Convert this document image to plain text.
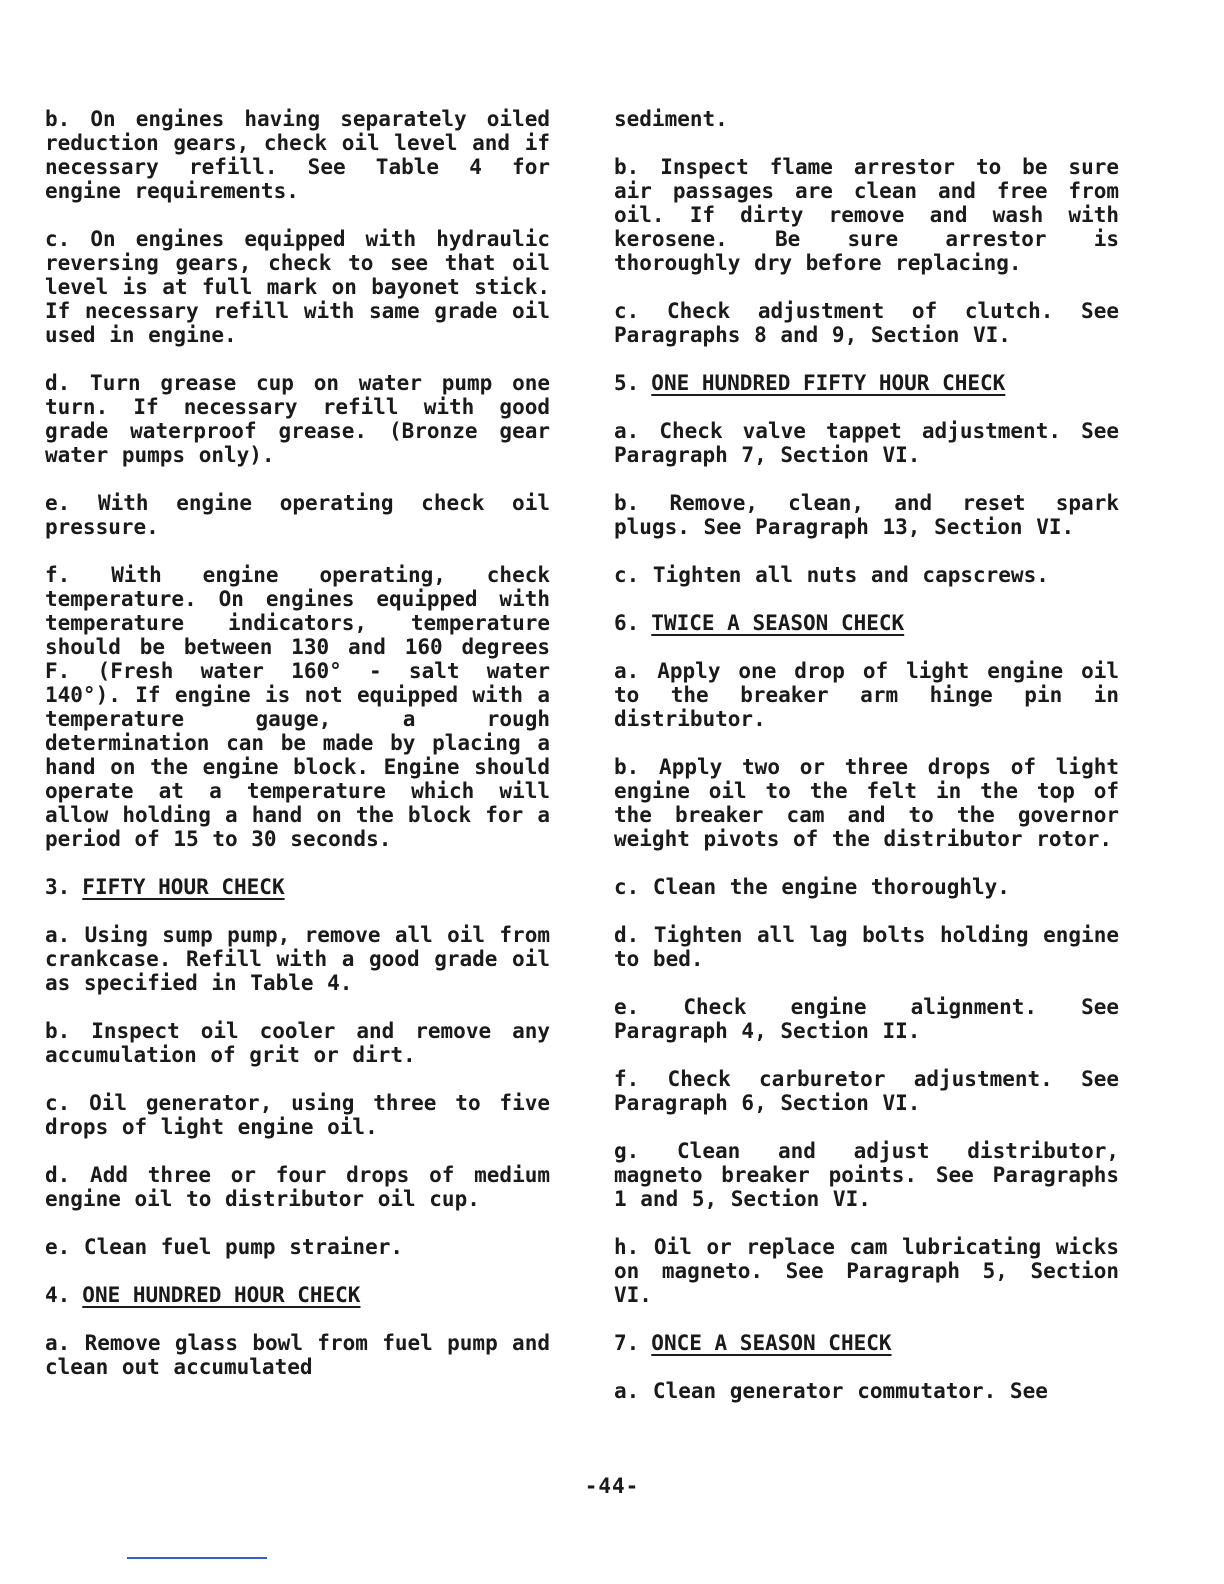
b. On engines having separately oiled reduction gears, check oil level and if necessary refill. See Table 4 for engine requirements.

c. On engines equipped with hydraulic reversing gears, check to see that oil level is at full mark on bayonet stick. If necessary refill with same grade oil used in engine.

d. Turn grease cup on water pump one turn. If necessary refill with good grade waterproof grease. (Bronze gear water pumps only).

e. With engine operating check oil pressure.

f. With engine operating, check temperature. On engines equipped with temperature indicators, temperature should be between 130 and 160 degrees F. (Fresh water 160° - salt water 140°). If engine is not equipped with a temperature gauge, a rough determination can be made by placing a hand on the engine block. Engine should operate at a temperature which will allow holding a hand on the block for a period of 15 to 30 seconds.

3. FIFTY HOUR CHECK

a. Using sump pump, remove all oil from crankcase. Refill with a good grade oil as specified in Table 4.

b. Inspect oil cooler and remove any accumulation of grit or dirt.

c. Oil generator, using three to five drops of light engine oil.

d. Add three or four drops of medium engine oil to distributor oil cup.

e. Clean fuel pump strainer.

4. ONE HUNDRED HOUR CHECK

a. Remove glass bowl from fuel pump and clean out accumulated

sediment.

b. Inspect flame arrestor to be sure air passages are clean and free from oil. If dirty remove and wash with kerosene. Be sure arrestor is thoroughly dry before replacing.

c. Check adjustment of clutch. See Paragraphs 8 and 9, Section VI.

5. ONE HUNDRED FIFTY HOUR CHECK

a. Check valve tappet adjustment. See Paragraph 7, Section VI.

b. Remove, clean, and reset spark plugs. See Paragraph 13, Section VI.

c. Tighten all nuts and capscrews.

6. TWICE A SEASON CHECK

a. Apply one drop of light engine oil to the breaker arm hinge pin in distributor.

b. Apply two or three drops of light engine oil to the felt in the top of the breaker cam and to the governor weight pivots of the distributor rotor.

c. Clean the engine thoroughly.

d. Tighten all lag bolts holding engine to bed.

e. Check engine alignment. See Paragraph 4, Section II.

f. Check carburetor adjustment. See Paragraph 6, Section VI.

g. Clean and adjust distributor, magneto breaker points. See Paragraphs 1 and 5, Section VI.

h. Oil or replace cam lubricating wicks on magneto. See Paragraph 5, Section VI.

7. ONCE A SEASON CHECK

a. Clean generator commutator. See

-44-
